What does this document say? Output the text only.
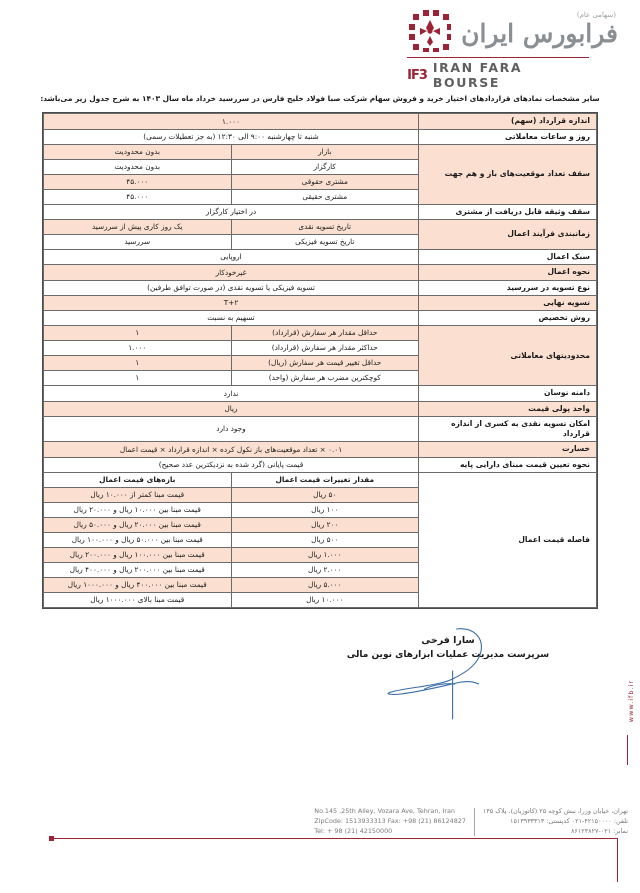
(سهامی عام)
فرابورس ایران
IF3 IRAN FARA BOURSE
سایر مشخصات نمادهای قراردادهای اختیار خرید و فروش سهام شرکت صبا فولاد خلیج فارس در سررسید خرداد ماه سال ۱۴۰۳ به شرح جدول زیر می‌باشد:
اندازه قرارداد (سهم)	۱.۰۰۰	
روز و ساعات معاملاتی	شنبه تا چهارشنبه ۹:۰۰ الی ۱۲:۳۰ (به جز تعطیلات رسمی)	
سقف تعداد موقعیت‌های باز و هم جهت	بازار	بدون محدودیت
	کارگزار	بدون محدودیت
	مشتری حقوقی	۴۵.۰۰۰
	مشتری حقیقی	۴۵.۰۰۰
سقف وثیقه قابل دریافت از مشتری	در اختیار کارگزار	
زمانبندی فرآیند اعمال	تاریخ تسویه نقدی	یک روز کاری پیش از سررسید
	تاریخ تسویه فیزیکی	سررسید
سبک اعمال	اروپایی	
نحوه اعمال	غیرخودکار	
نوع تسویه در سررسید	تسویه فیزیکی یا تسویه نقدی (در صورت توافق طرفین)	
تسویه نهایی	T+۲	
روش تخصیص	تسهیم به نسبت	
محدودیتهای معاملاتی	حداقل مقدار هر سفارش (قرارداد)	۱
	حداکثر مقدار هر سفارش (قرارداد)	۱.۰۰۰
	حداقل تغییر قیمت هر سفارش (ریال)	۱
	کوچکترین مضرب هر سفارش (واحد)	۱
دامنه نوسان	ندارد	
واحد پولی قیمت	ریال	
امکان تسویه نقدی به کسری از اندازه قرارداد	وجود دارد	
خسارت	۰.۰۱ × تعداد موقعیت‌های باز نکول کرده × اندازه قرارداد × قیمت اعمال	
نحوه تعیین قیمت مبنای دارایی پایه	قیمت پایانی (گرد شده به نزدیکترین عدد صحیح)	
فاصله قیمت اعمال	مقدار تغییرات قیمت اعمال	بازه‌های قیمت اعمال
	۵۰ ریال	قیمت مبنا کمتر از ۱۰.۰۰۰ ریال
	۱۰۰ ریال	قیمت مبنا بین ۱۰.۰۰۰ ریال و ۲۰.۰۰۰ ریال
	۲۰۰ ریال	قیمت مبنا بین ۲۰.۰۰۰ ریال و ۵۰.۰۰۰ ریال
	۵۰۰ ریال	قیمت مبنا بین ۵۰.۰۰۰ ریال و ۱۰۰.۰۰۰ ریال
	۱.۰۰۰ ریال	قیمت مبنا بین ۱۰۰.۰۰۰ ریال و ۲۰۰.۰۰۰ ریال
	۲.۰۰۰ ریال	قیمت مبنا بین ۲۰۰.۰۰۰ ریال و ۴۰۰.۰۰۰ ریال
	۵.۰۰۰ ریال	قیمت مبنا بین ۴۰۰.۰۰۰ ریال و ۱۰۰۰.۰۰۰ ریال
	۱۰.۰۰۰ ریال	قیمت مبنا بالای ۱۰۰۰.۰۰۰ ریال
سارا فرخی
سرپرست مدیریت عملیات ابزارهای نوین مالی
www.ifb.ir
تهران، خیابان وزرا، نبش کوچه ۲۵ (کاتوزیان)، پلاک ۱۴۵
تلفن: ۴۲۱۵۰۰۰۰-۰۲۱ کدپستی: ۱۵۱۳۹۳۳۳۱۳
نمابر: ۰۲۱-۸۶۱۲۴۸۲۷
No.145 ,25th Alley, Vozara Ave, Tehran, Iran
ZipCode: 1513933313 Fax: +98 (21) 86124827
Tel: + 98 (21) 42150000
